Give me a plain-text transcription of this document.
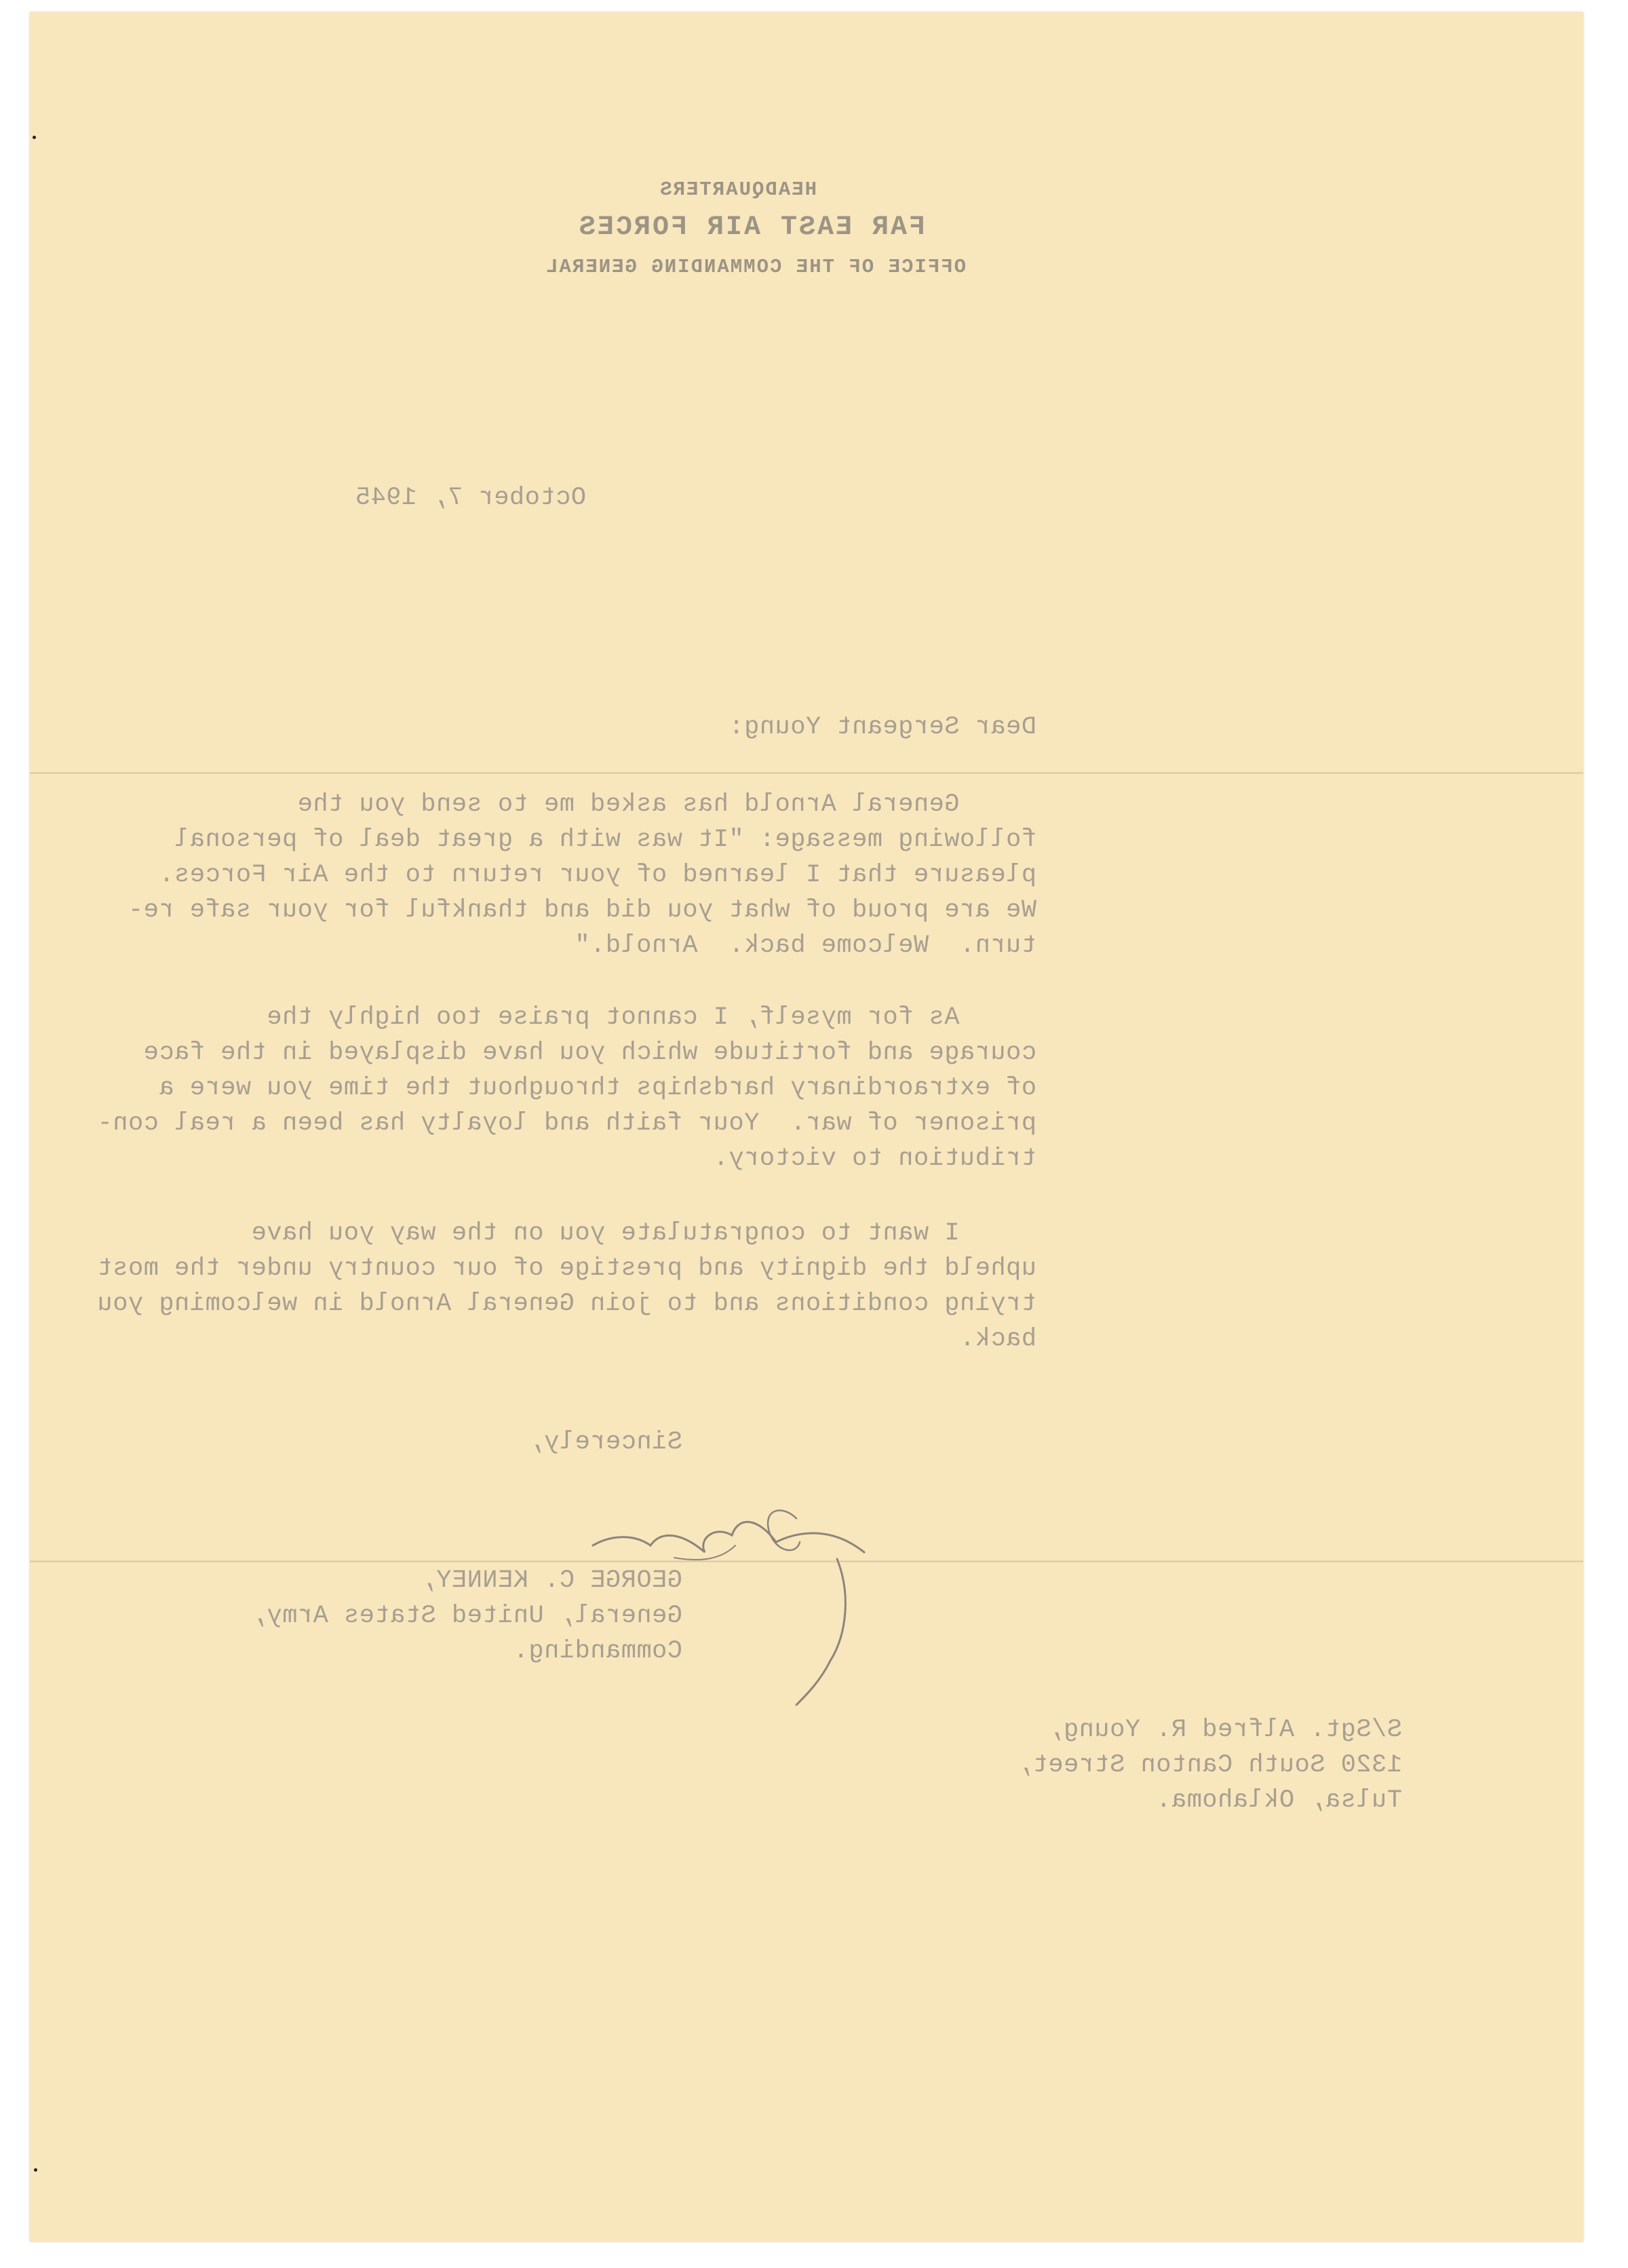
HEADQUARTERS
FAR EAST AIR FORCES
OFFICE OF THE COMMANDING GENERAL
October 7, 1945
Dear Sergeant Young:
General Arnold has asked me to send you the
following message: "It was with a great deal of personal
pleasure that I learned of your return to the Air Forces.
We are proud of what you did and thankful for your safe re-
turn.  Welcome back.  Arnold."
As for myself, I cannot praise too highly the
courage and fortitude which you have displayed in the face
of extraordinary hardships throughout the time you were a
prisoner of war.  Your faith and loyalty has been a real con-
tribution to victory.
I want to congratulate you on the way you have
upheld the dignity and prestige of our country under the most
trying conditions and to join General Arnold in welcoming you
back.
Sincerely,
GEORGE C. KENNEY,
General, United States Army,
Commanding.
S/Sgt. Alfred R. Young,
1320 South Canton Street,
Tulsa, Oklahoma.
